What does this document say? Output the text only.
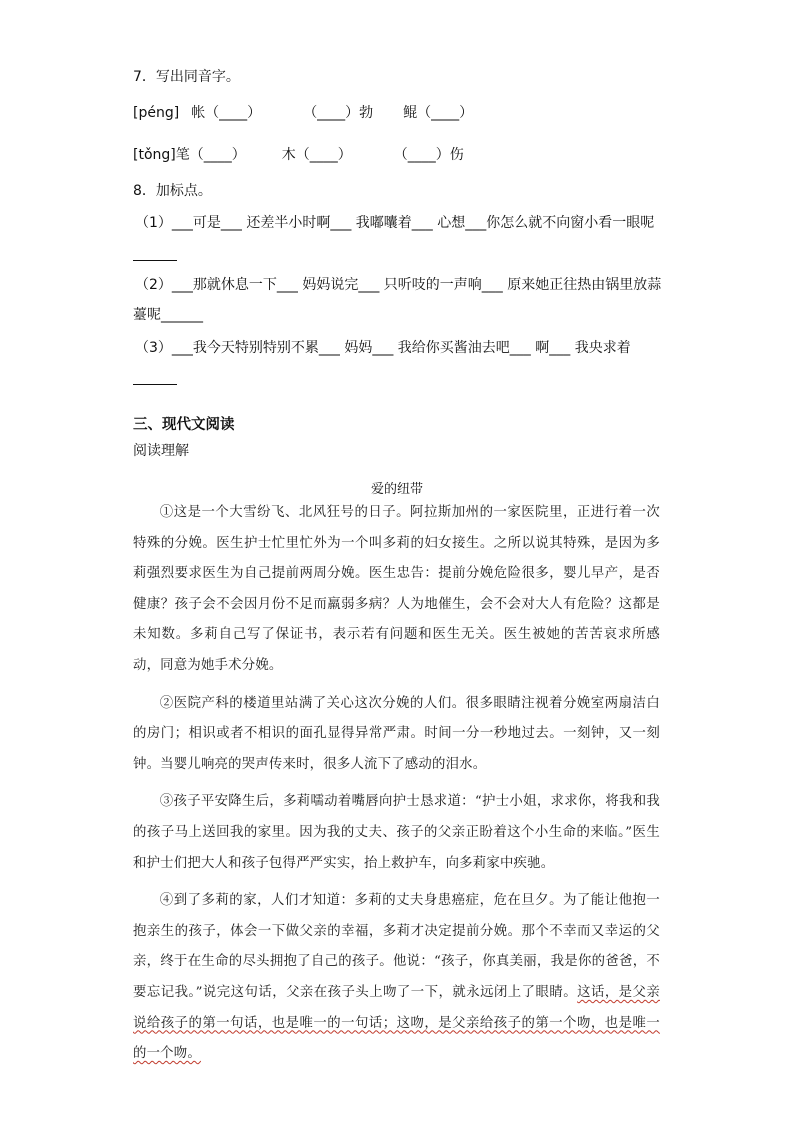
7．写出同音字。
[péng] 帐（____）	（____）勃 鲲（____）
[tǒng]笔（____）	木（____）	（____）伤
8．加标点。
（1）___可是___ 还差半小时啊___ 我嘟囔着___ 心想___你怎么就不向窗小看一眼呢
（2）___那就休息一下___ 妈妈说完___ 只听吱的一声响___ 原来她正往热由锅里放蒜
薹呢______
（3）___我今天特别特别不累___ 妈妈___ 我给你买酱油去吧___ 啊___ 我央求着
三、现代文阅读
阅读理解
爱的纽带

①这是一个大雪纷飞、北风狂号的日子。阿拉斯加州的一家医院里，正进行着一次特殊的分娩。医生护士忙里忙外为一个叫多莉的妇女接生。之所以说其特殊，是因为多莉强烈要求医生为自己提前两周分娩。医生忠告：提前分娩危险很多，婴儿早产，是否健康？孩子会不会因月份不足而羸弱多病？人为地催生，会不会对大人有危险？这都是未知数。多莉自己写了保证书，表示若有问题和医生无关。医生被她的苦苦哀求所感动，同意为她手术分娩。

②医院产科的楼道里站满了关心这次分娩的人们。很多眼睛注视着分娩室两扇洁白的房门；相识或者不相识的面孔显得异常严肃。时间一分一秒地过去。一刻钟，又一刻钟。当婴儿响亮的哭声传来时，很多人流下了感动的泪水。

③孩子平安降生后，多莉嚅动着嘴唇向护士恳求道：“护士小姐，求求你，将我和我的孩子马上送回我的家里。因为我的丈夫、孩子的父亲正盼着这个小生命的来临。”医生和护士们把大人和孩子包得严严实实，抬上救护车，向多莉家中疾驰。

④到了多莉的家，人们才知道：多莉的丈夫身患癌症，危在旦夕。为了能让他抱一抱亲生的孩子，体会一下做父亲的幸福，多莉才决定提前分娩。那个不幸而又幸运的父亲，终于在生命的尽头拥抱了自己的孩子。他说：“孩子，你真美丽，我是你的爸爸，不要忘记我。”说完这句话，父亲在孩子头上吻了一下，就永远闭上了眼睛。这话，是父亲说给孩子的第一句话，也是唯一的一句话；这吻，是父亲给孩子的第一个吻，也是唯一的一个吻。
